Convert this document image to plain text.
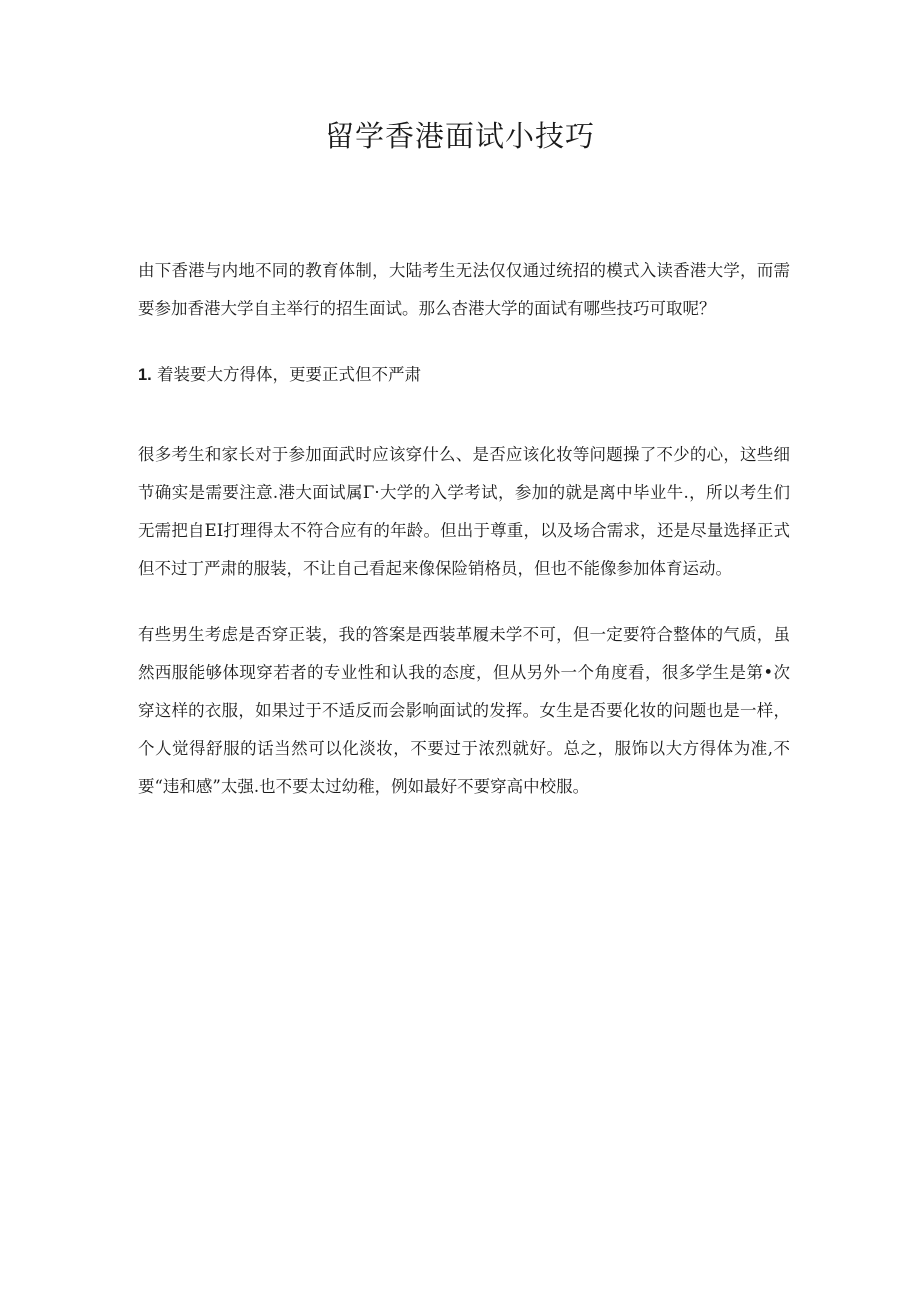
留学香港面试小技巧

由下香港与内地不同的教育体制，大陆考生无法仅仅通过统招的模式入读香港大学，而需要参加香港大学自主举行的招生面试。那么杏港大学的面试有哪些技巧可取呢？

1. 着装要大方得体，更要正式但不严肃

很多考生和家长对于参加面武时应该穿什么、是否应该化妆等问题操了不少的心，这些细节确实是需要注意.港大面试属Γ·大学的入学考试，参加的就是离中毕业牛.，所以考生们无需把自EI打理得太不符合应有的年龄。但出于尊重，以及场合需求，还是尽量选择正式但不过丁严肃的服装，不让自己看起来像保险销格员，但也不能像参加体育运动。

有些男生考虑是否穿正装，我的答案是西装革履未学不可，但一定要符合整体的气质，虽然西服能够体现穿若者的专业性和认我的态度，但从另外一个角度看，很多学生是第•次穿这样的衣服，如果过于不适反而会影响面试的发挥。女生是否要化妆的问题也是一样，个人觉得舒服的话当然可以化淡妆，不要过于浓烈就好。总之，服饰以大方得体为准,不要“违和感”太强.也不要太过幼稚，例如最好不要穿高中校服。
